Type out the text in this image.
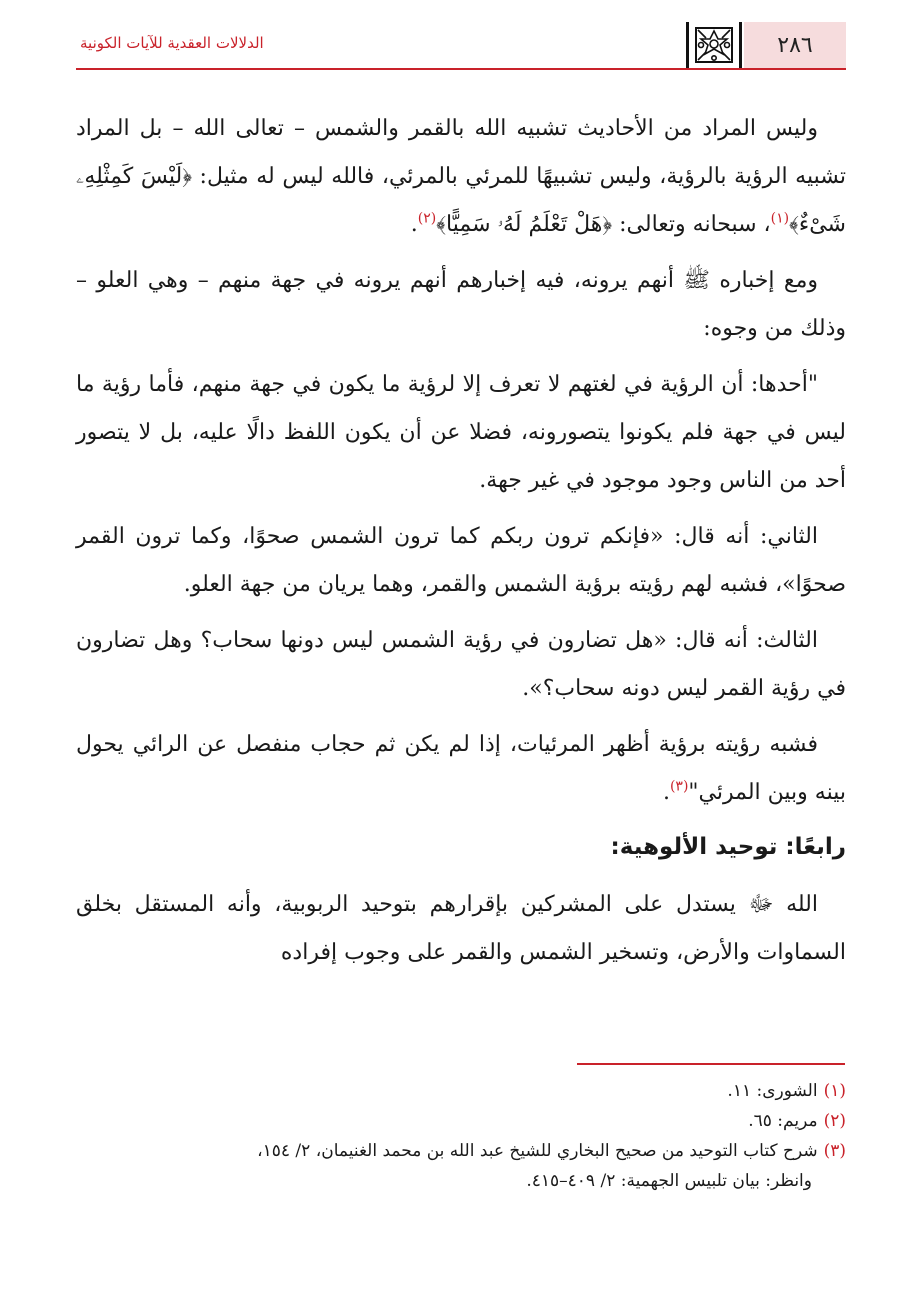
٢٨٦
الدلالات العقدية للآيات الكونية

وليس المراد من الأحاديث تشبيه الله بالقمر والشمس – تعالى الله – بل المراد تشبيه الرؤية بالرؤية، وليس تشبيهًا للمرئي بالمرئي، فالله ليس له مثيل: ﴿لَيْسَ كَمِثْلِهِۦ شَىْءٌ﴾$^{(١)}$، سبحانه وتعالى: ﴿هَلْ تَعْلَمُ لَهُۥ سَمِيًّا﴾$^{(٢)}$.

ومع إخباره ﷺ أنهم يرونه، فيه إخبارهم أنهم يرونه في جهة منهم – وهي العلو – وذلك من وجوه:

"أحدها: أن الرؤية في لغتهم لا تعرف إلا لرؤية ما يكون في جهة منهم، فأما رؤية ما ليس في جهة فلم يكونوا يتصورونه، فضلا عن أن يكون اللفظ دالًا عليه، بل لا يتصور أحد من الناس وجود موجود في غير جهة.

الثاني: أنه قال: «فإنكم ترون ربكم كما ترون الشمس صحوًا، وكما ترون القمر صحوًا»، فشبه لهم رؤيته برؤية الشمس والقمر، وهما يريان من جهة العلو.

الثالث: أنه قال: «هل تضارون في رؤية الشمس ليس دونها سحاب؟ وهل تضارون في رؤية القمر ليس دونه سحاب؟».

فشبه رؤيته برؤية أظهر المرئيات، إذا لم يكن ثم حجاب منفصل عن الرائي يحول بينه وبين المرئي"$^{(٣)}$.

رابعًا: توحيد الألوهية:

الله ﷻ يستدل على المشركين بإقرارهم بتوحيد الربوبية، وأنه المستقل بخلق السماوات والأرض، وتسخير الشمس والقمر على وجوب إفراده

(١)الشورى: ١١.

(٢)مريم: ٦٥.

(٣)شرح كتاب التوحيد من صحيح البخاري للشيخ عبد الله بن محمد الغنيمان، ٢/ ١٥٤،

وانظر: بيان تلبيس الجهمية: ٢/ ٤٠٩–٤١٥.
